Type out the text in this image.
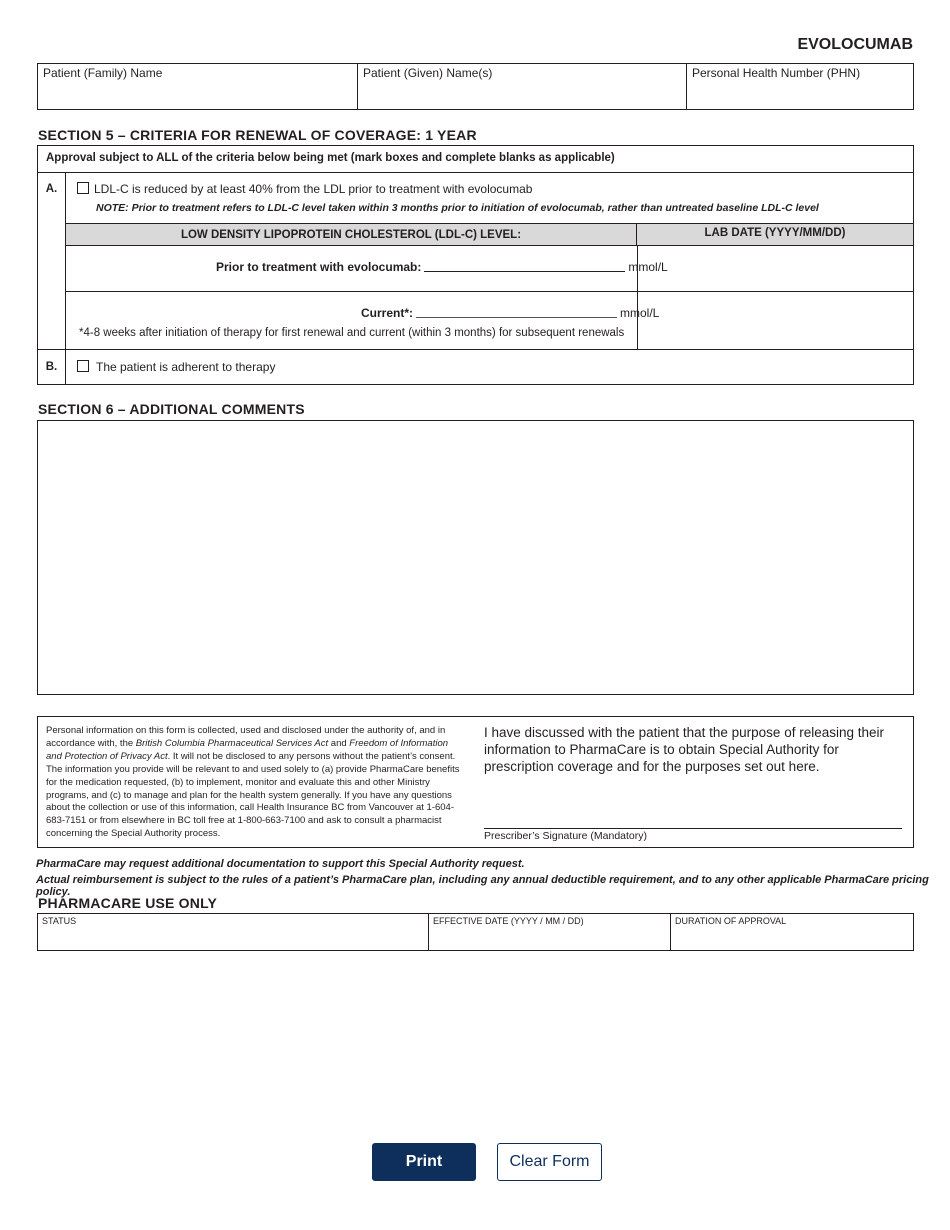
EVOLOCUMAB
Patient (Family) Name	Patient (Given) Name(s)	Personal Health Number (PHN)
SECTION 5 – CRITERIA FOR RENEWAL OF COVERAGE: 1 YEAR
Approval subject to ALL of the criteria below being met (mark boxes and complete blanks as applicable)
A.	LDL-C is reduced by at least 40% from the LDL prior to treatment with evolocumab
NOTE: Prior to treatment refers to LDL-C level taken within 3 months prior to initiation of evolocumab, rather than untreated baseline LDL-C level
LOW DENSITY LIPOPROTEIN CHOLESTEROL (LDL-C) LEVEL:	LAB DATE (YYYY/MM/DD)
Prior to treatment with evolocumab:	mmol/L
Current*:	mmol/L
*4-8 weeks after initiation of therapy for first renewal and current (within 3 months) for subsequent renewals
B.	The patient is adherent to therapy
SECTION 6 – ADDITIONAL COMMENTS
Personal information on this form is collected, used and disclosed under the authority of, and in accordance with, the British Columbia Pharmaceutical Services Act and Freedom of Information and Protection of Privacy Act. It will not be disclosed to any persons without the patient’s consent. The information you provide will be relevant to and used solely to (a) provide PharmaCare benefits for the medication requested, (b) to implement, monitor and evaluate this and other Ministry programs, and (c) to manage and plan for the health system generally. If you have any questions about the collection or use of this information, call Health Insurance BC from Vancouver at 1-604-683-7151 or from elsewhere in BC toll free at 1-800-663-7100 and ask to consult a pharmacist concerning the Special Authority process.
I have discussed with the patient that the purpose of releasing their information to PharmaCare is to obtain Special Authority for prescription coverage and for the purposes set out here.
Prescriber’s Signature (Mandatory)
PharmaCare may request additional documentation to support this Special Authority request.
Actual reimbursement is subject to the rules of a patient’s PharmaCare plan, including any annual deductible requirement, and to any other applicable PharmaCare pricing policy.
PHARMACARE USE ONLY
STATUS	EFFECTIVE DATE (YYYY / MM / DD)	DURATION OF APPROVAL
Print	Clear Form
